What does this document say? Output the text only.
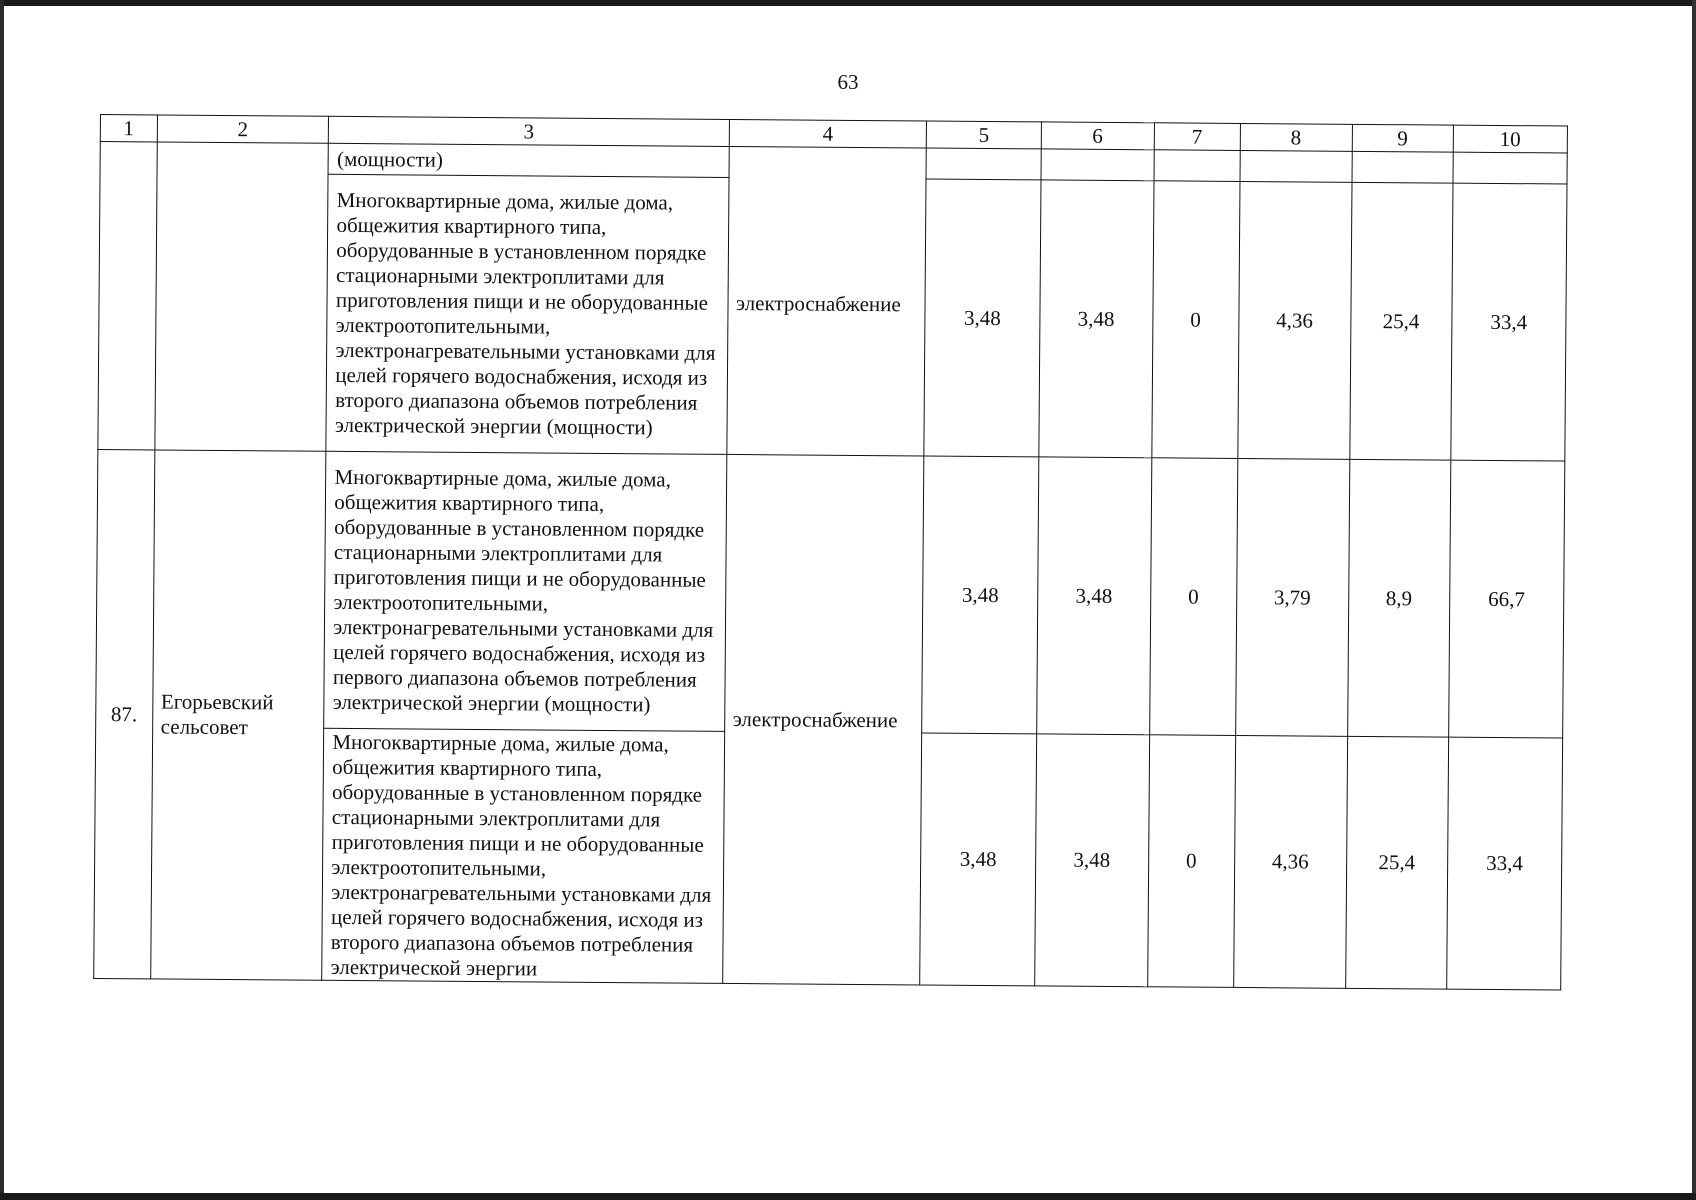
63
1	2	3	4	5	6	7	8	9	10
		(мощности)	электроснабжение						
		Многоквартирные дома, жилые дома, общежития квартирного типа, оборудованные в установленном порядке стационарными электроплитами для приготовления пищи и не оборудованные электроотопительными, электронагревательными установками для целей горячего водоснабжения, исходя из второго диапазона объемов потребления электрической энергии (мощности)		3,48	3,48	0	4,36	25,4	33,4
87.	Егорьевский сельсовет	Многоквартирные дома, жилые дома, общежития квартирного типа, оборудованные в установленном порядке стационарными электроплитами для приготовления пищи и не оборудованные электроотопительными, электронагревательными установками для целей горячего водоснабжения, исходя из первого диапазона объемов потребления электрической энергии (мощности)	электроснабжение	3,48	3,48	0	3,79	8,9	66,7
		Многоквартирные дома, жилые дома, общежития квартирного типа, оборудованные в установленном порядке стационарными электроплитами для приготовления пищи и не оборудованные электроотопительными, электронагревательными установками для целей горячего водоснабжения, исходя из второго диапазона объемов потребления электрической энергии		3,48	3,48	0	4,36	25,4	33,4
